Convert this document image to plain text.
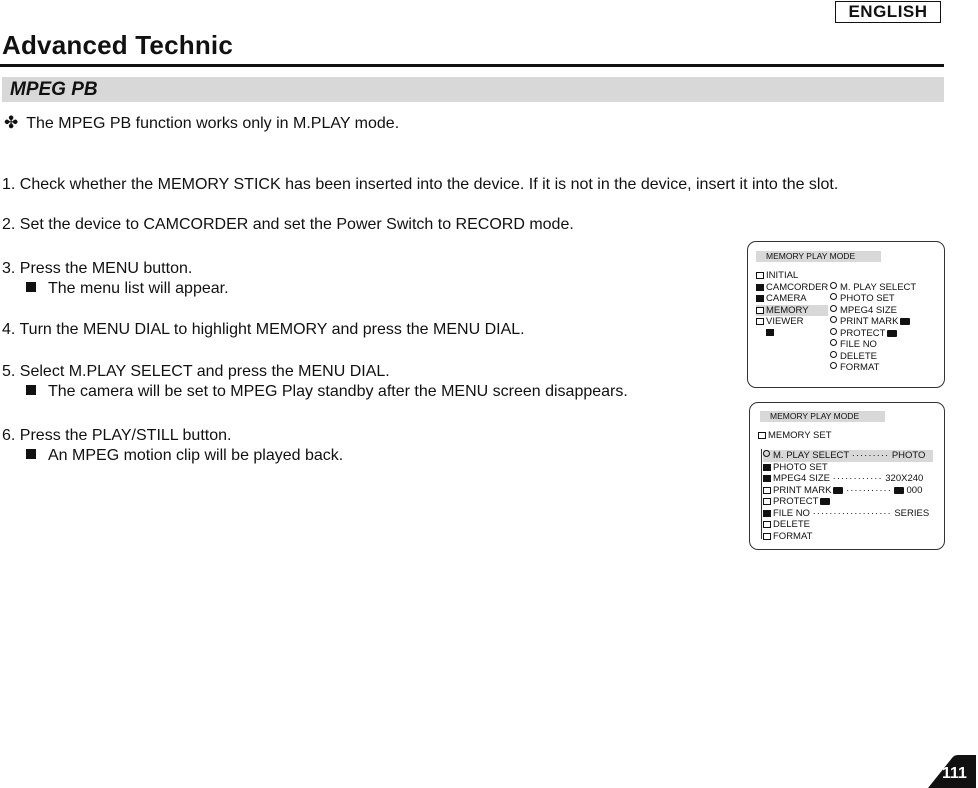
ENGLISH
Advanced Technic
MPEG PB
✤ The MPEG PB function works only in M.PLAY mode.
1. Check whether the MEMORY STICK has been inserted into the device. If it is not in the device, insert it into the slot.
2. Set the device to CAMCORDER and set the Power Switch to RECORD mode.
3. Press the MENU button.
The menu list will appear.
4. Turn the MENU DIAL to highlight MEMORY and press the MENU DIAL.
5. Select M.PLAY SELECT and press the MENU DIAL.
The camera will be set to MPEG Play standby after the MENU screen disappears.
6. Press the PLAY/STILL button.
An MPEG motion clip will be played back.
MEMORY PLAY MODE
INITIAL
CAMCORDER
CAMERA
MEMORY
VIEWER
M. PLAY SELECT
PHOTO SET
MPEG4 SIZE
PRINT MARK
PROTECT
FILE NO
DELETE
FORMAT
MEMORY PLAY MODE
MEMORY SET
M. PLAY SELECT ········· PHOTO
PHOTO SET
MPEG4 SIZE ············ 320X240
PRINT MARK ··········· 000
PROTECT
FILE NO ··················· SERIES
DELETE
FORMAT
111
